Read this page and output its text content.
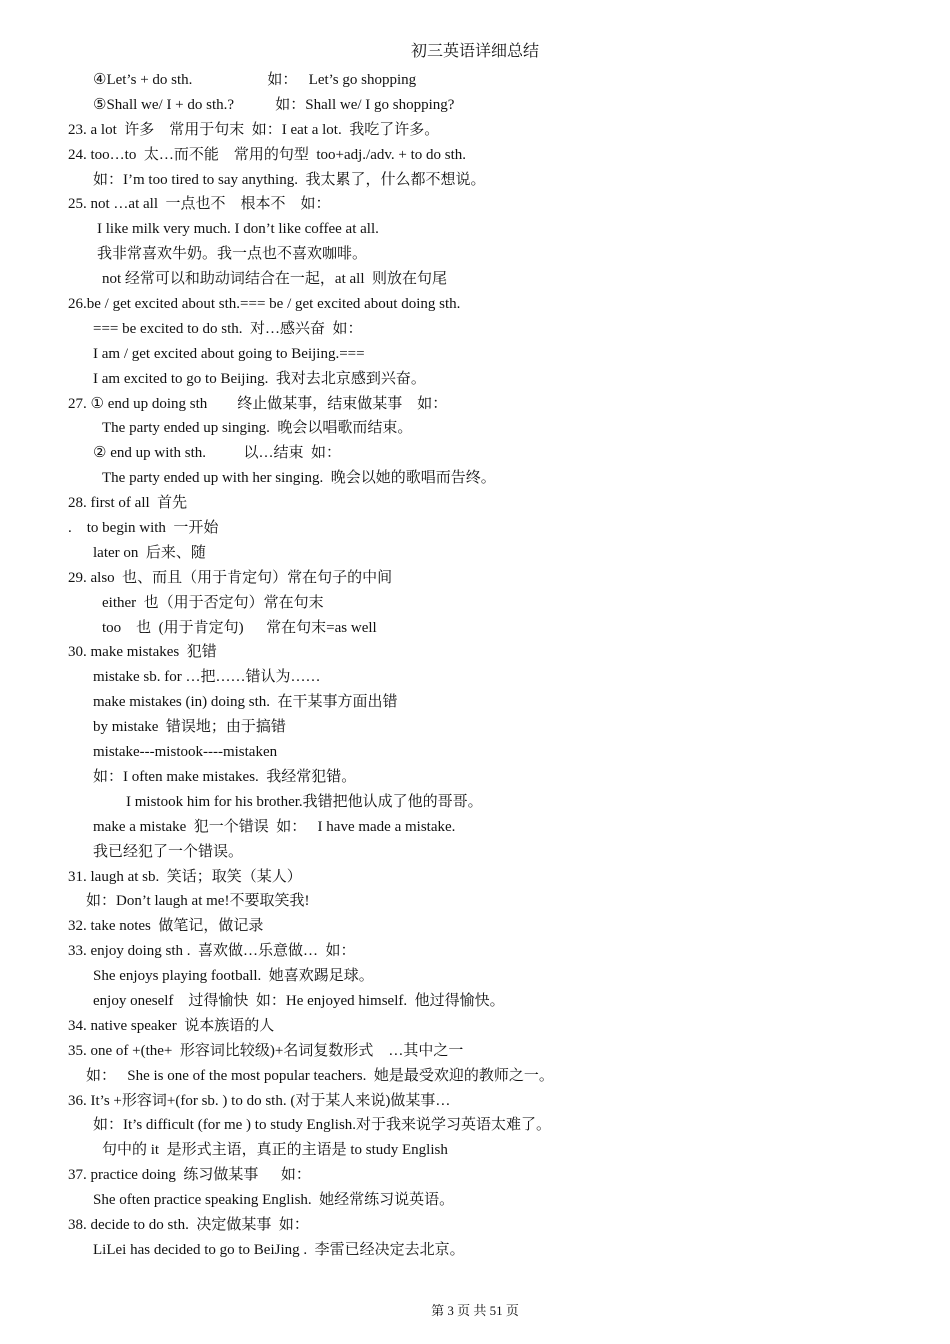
初三英语详细总结
④Let’s + do sth.                    如：   Let’s go shopping
⑤Shall we/ I + do sth.?           如：Shall we/ I go shopping?
23. a lot  许多    常用于句末  如：I eat a lot.  我吃了许多。
24. too…to  太…而不能    常用的句型  too+adj./adv. + to do sth.
如：I’m too tired to say anything.  我太累了，什么都不想说。
25. not …at all  一点也不    根本不    如：
I like milk very much. I don’t like coffee at all.
我非常喜欢牛奶。我一点也不喜欢咖啡。
not 经常可以和助动词结合在一起，at all  则放在句尾
26.be / get excited about sth.=== be / get excited about doing sth.
=== be excited to do sth.  对…感兴奋  如：
I am / get excited about going to Beijing.===
I am excited to go to Beijing.  我对去北京感到兴奋。
27. ① end up doing sth        终止做某事，结束做某事    如：
The party ended up singing.  晚会以唱歌而结束。
② end up with sth.          以…结束  如：
The party ended up with her singing.  晚会以她的歌唱而告终。
28. first of all  首先
.    to begin with  一开始
later on  后来、随
29. also  也、而且（用于肯定句）常在句子的中间
either  也（用于否定句）常在句末
too    也  (用于肯定句)      常在句末=as well
30. make mistakes  犯错
mistake sb. for …把……错认为……
make mistakes (in) doing sth.  在干某事方面出错
by mistake  错误地；由于搞错
mistake---mistook----mistaken
如：I often make mistakes.  我经常犯错。
I mistook him for his brother.我错把他认成了他的哥哥。
make a mistake  犯一个错误  如：   I have made a mistake.
我已经犯了一个错误。
31. laugh at sb.  笑话；取笑（某人）
如：Don’t laugh at me!不要取笑我!
32. take notes  做笔记，做记录
33. enjoy doing sth .  喜欢做…乐意做…  如：
She enjoys playing football.  她喜欢踢足球。
enjoy oneself    过得愉快  如：He enjoyed himself.  他过得愉快。
34. native speaker  说本族语的人
35. one of +(the+  形容词比较级)+名词复数形式    …其中之一
如：   She is one of the most popular teachers.  她是最受欢迎的教师之一。
36. It’s +形容词+(for sb. ) to do sth. (对于某人来说)做某事…
如：It’s difficult (for me ) to study English.对于我来说学习英语太难了。
句中的 it  是形式主语，真正的主语是 to study English
37. practice doing  练习做某事      如：
She often practice speaking English.  她经常练习说英语。
38. decide to do sth.  决定做某事  如：
LiLei has decided to go to BeiJing .  李雷已经决定去北京。
第 3 页 共 51 页
